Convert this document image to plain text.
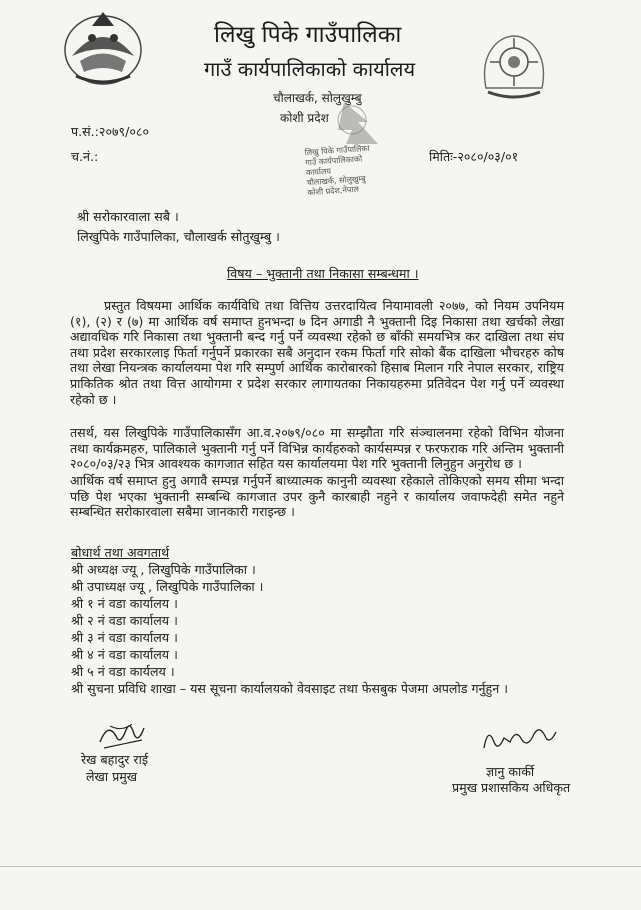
लिखु पिके गाउँपालिका
गाउँ कार्यपालिकाको कार्यालय
चौलाखर्क, सोलुखुम्बु
कोशी प्रदेश
लिखु पिके गाउँपालिका
गाउँ कार्यपालिकाको
कार्यालय
चौलाखर्क, सोलुखुम्बु
कोशी प्रदेश,नेपाल
प.सं.:२०७९/०८०
च.नं.:	मितिः-२०८०/०३/०१
श्री सरोकारवाला सबै ।
लिखुपिके गाउँपालिका, चौलाखर्क सोतुखुम्बु ।
विषय – भुक्तानी तथा निकासा सम्बन्धमा ।
प्रस्तुत विषयमा आर्थिक कार्यविधि तथा वित्तिय उत्तरदायित्व नियामावली २०७७, को नियम उपनियम (१), (२) र (७) मा आर्थिक वर्ष समाप्त हुनभन्दा ७ दिन अगाडी नै भुक्तानी दिइ निकासा तथा खर्चको लेखा अद्यावधिक गरि निकासा तथा भुक्तानी बन्द गर्नु पर्ने व्यवस्था रहेको छ बाँकी समयभित्र कर दाखिला तथा संघ तथा प्रदेश सरकारलाइ फिर्ता गर्नुपर्ने प्रकारका सबै अनुदान रकम फिर्ता गरि सोको बैंक दाखिला भौचरहरु कोष तथा लेखा नियन्त्रक कार्यालयमा पेश गरि सम्पुर्ण आर्थिक कारोबारको हिसाब मिलान गरि नेपाल सरकार, राष्ट्रिय प्राकितिक श्रोत तथा वित्त आयोगमा र प्रदेश सरकार लागायतका निकायहरुमा प्रतिवेदन पेश गर्नु पर्ने व्यवस्था रहेको छ ।
तसर्थ, यस लिखुपिके गाउँपालिकासँग आ.व.२०७९/०८० मा सम्झौता गरि संञ्चालनमा रहेको विभिन योजना तथा कार्यक्रमहरु, पालिकाले भुक्तानी गर्नु पर्ने विभिन्न कार्यहरुको कार्यसम्पन्न र फरफराक गरि अन्तिम भुक्तानी २०८०/०३/२३ भित्र आवश्यक कागजात सहित यस कार्यालयमा पेश गरि भुक्तानी लिनुहुन अनुरोध छ ।
आर्थिक वर्ष समाप्त हुनु अगावै सम्पन्न गर्नुपर्ने बाध्यात्मक कानुनी व्यवस्था रहेकाले तोकिएको समय सीमा भन्दा पछि पेश भएका भुक्तानी सम्बन्धि कागजात उपर कुनै कारबाही नहुने र कार्यालय जवाफदेही समेत नहुने सम्बन्धित सरोकारवाला सबैमा जानकारी गराइन्छ ।
बोधार्थ तथा अवगतार्थ
श्री अध्यक्ष ज्यू , लिखुपिके गाउँपालिका ।
श्री उपाध्यक्ष ज्यू , लिखुपिके गाउँपालिका ।
श्री १ नं वडा कार्यालय ।
श्री २ नं वडा कार्यालय ।
श्री ३ नं वडा कार्यालय ।
श्री ४ नं वडा कार्यालय ।
श्री ५ नं वडा कार्यलय ।
श्री सुचना प्रविधि शाखा – यस सूचना कार्यालयको वेवसाइट तथा फेसबुक पेजमा अपलोड गर्नुहुन ।
रेख बहादुर राई
लेखा प्रमुख	ज्ञानु कार्की
प्रमुख प्रशासकिय अधिकृत
